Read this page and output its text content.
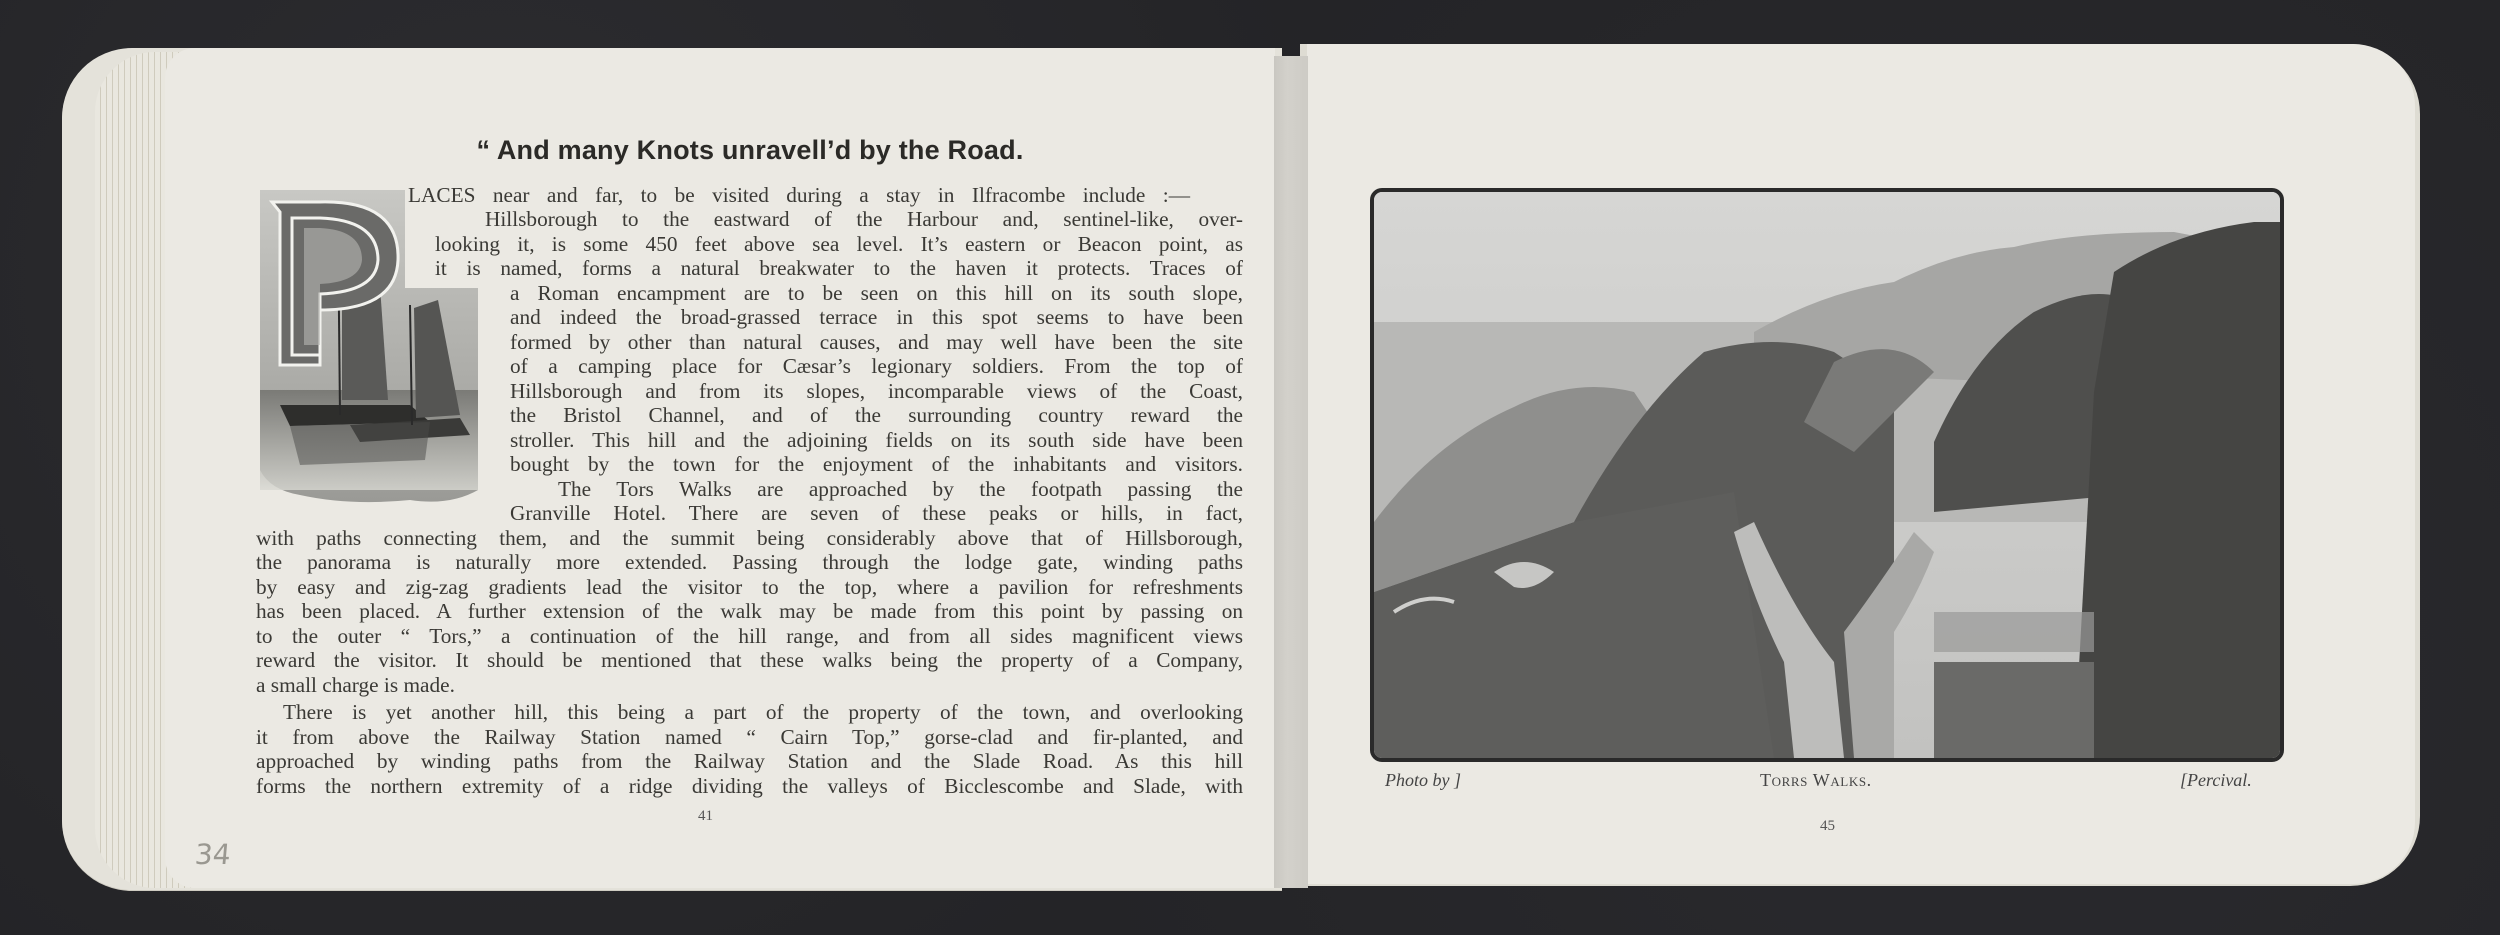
“ And many Knots unravell’d by the Road.
LACES near and far, to be visited during a stay in Ilfracombe include :—
Hillsborough to the eastward of the Harbour and, sentinel-like, over-
looking it, is some 450 feet above sea level. It’s eastern or Beacon point, as
it is named, forms a natural breakwater to the haven it protects. Traces of
a Roman encampment are to be seen on this hill on its south slope,
and indeed the broad-grassed terrace in this spot seems to have been
formed by other than natural causes, and may well have been the site
of a camping place for Cæsar’s legionary soldiers. From the top of
Hillsborough and from its slopes, incomparable views of the Coast,
the Bristol Channel, and of the surrounding country reward the
stroller. This hill and the adjoining fields on its south side have been
bought by the town for the enjoyment of the inhabitants and visitors.
The Tors Walks are approached by the footpath passing the
Granville Hotel. There are seven of these peaks or hills, in fact,
with paths connecting them, and the summit being considerably above that of Hillsborough,
the panorama is naturally more extended. Passing through the lodge gate, winding paths
by easy and zig-zag gradients lead the visitor to the top, where a pavilion for refreshments
has been placed. A further extension of the walk may be made from this point by passing on
to the outer “ Tors,” a continuation of the hill range, and from all sides magnificent views
reward the visitor. It should be mentioned that these walks being the property of a Company,
a small charge is made.
There is yet another hill, this being a part of the property of the town, and overlooking
it from above the Railway Station named “ Cairn Top,” gorse-clad and fir-planted, and
approached by winding paths from the Railway Station and the Slade Road. As this hill
forms the northern extremity of a ridge dividing the valleys of Bicclescombe and Slade, with
41
34
Photo by ]	Torrs Walks.	[Percival.
45
